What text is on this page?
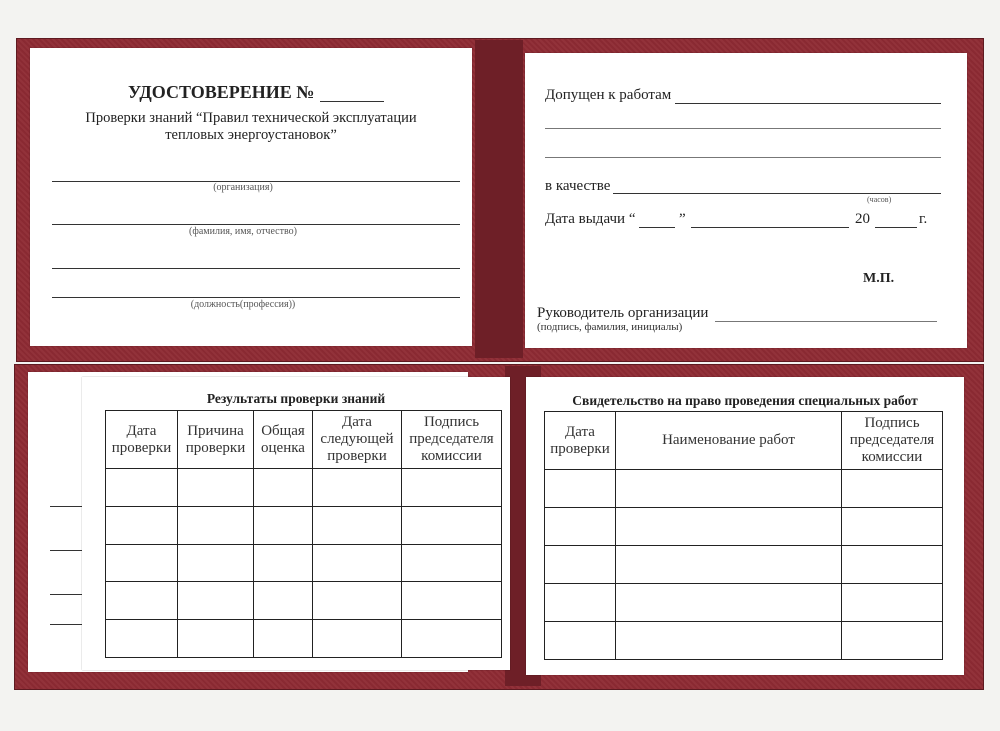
УДОСТОВЕРЕНИЕ №
Проверки знаний “Правил технической эксплуатации
тепловых энергоустановок”
(организация)
(фамилия, имя, отчество)
(должность(профессия))
Допущен к работам
в качестве
(часов)
Дата выдачи “	”	20	г.
М.П.
Руководитель организации
(подпись, фамилия, инициалы)
Результаты проверки знаний
Дата проверки	Причина проверки	Общая оценка	Дата следующей проверки	Подпись председателя комиссии

Свидетельство на право проведения специальных работ
Дата проверки	Наименование работ	Подпись председателя комиссии
